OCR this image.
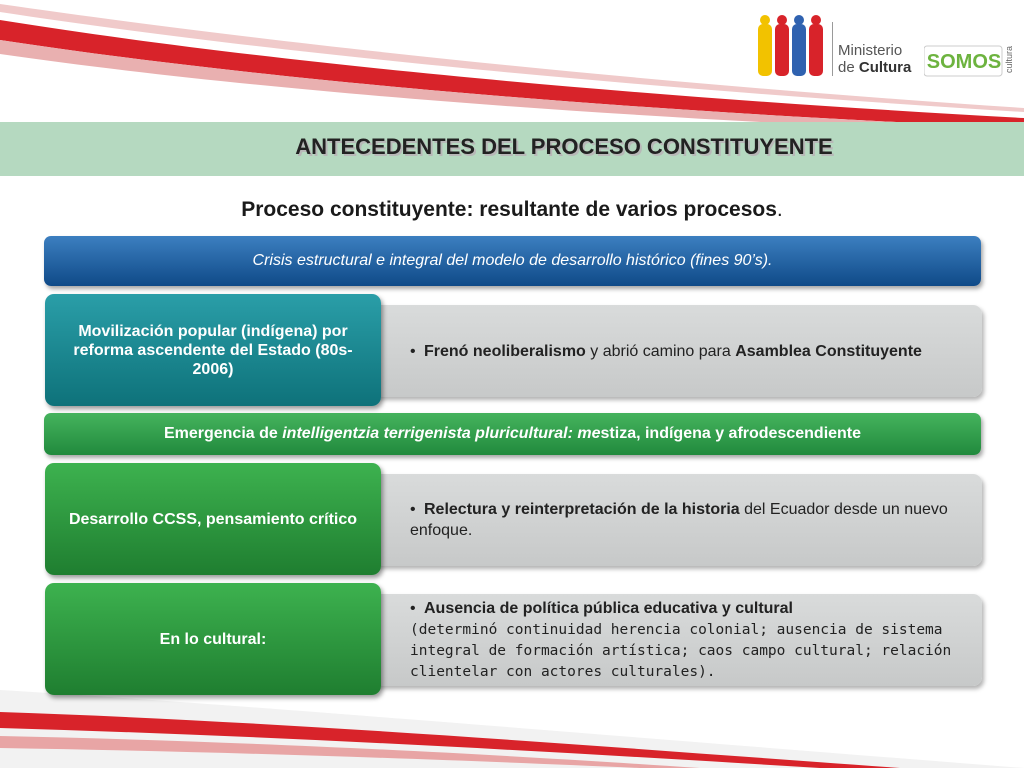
Ministerio
de Cultura SOMOS cultura
ANTECEDENTES DEL PROCESO CONSTITUYENTE
Proceso constituyente: resultante de varios procesos.
Crisis estructural e integral del modelo de desarrollo histórico (fines 90’s).
• Frenó neoliberalismo y abrió camino para Asamblea Constituyente
Movilización popular (indígena) por reforma ascendente del Estado (80s-2006)
Emergencia de intelligentzia terrigenista pluricultural: mestiza, indígena y afrodescendiente
• Relectura y reinterpretación de la historia del Ecuador desde un nuevo enfoque.
Desarrollo CCSS, pensamiento crítico
• Ausencia de política pública educativa y cultural
(determinó continuidad herencia colonial; ausencia de sistema integral de formación artística; caos campo cultural; relación clientelar con actores culturales).
En lo cultural:
